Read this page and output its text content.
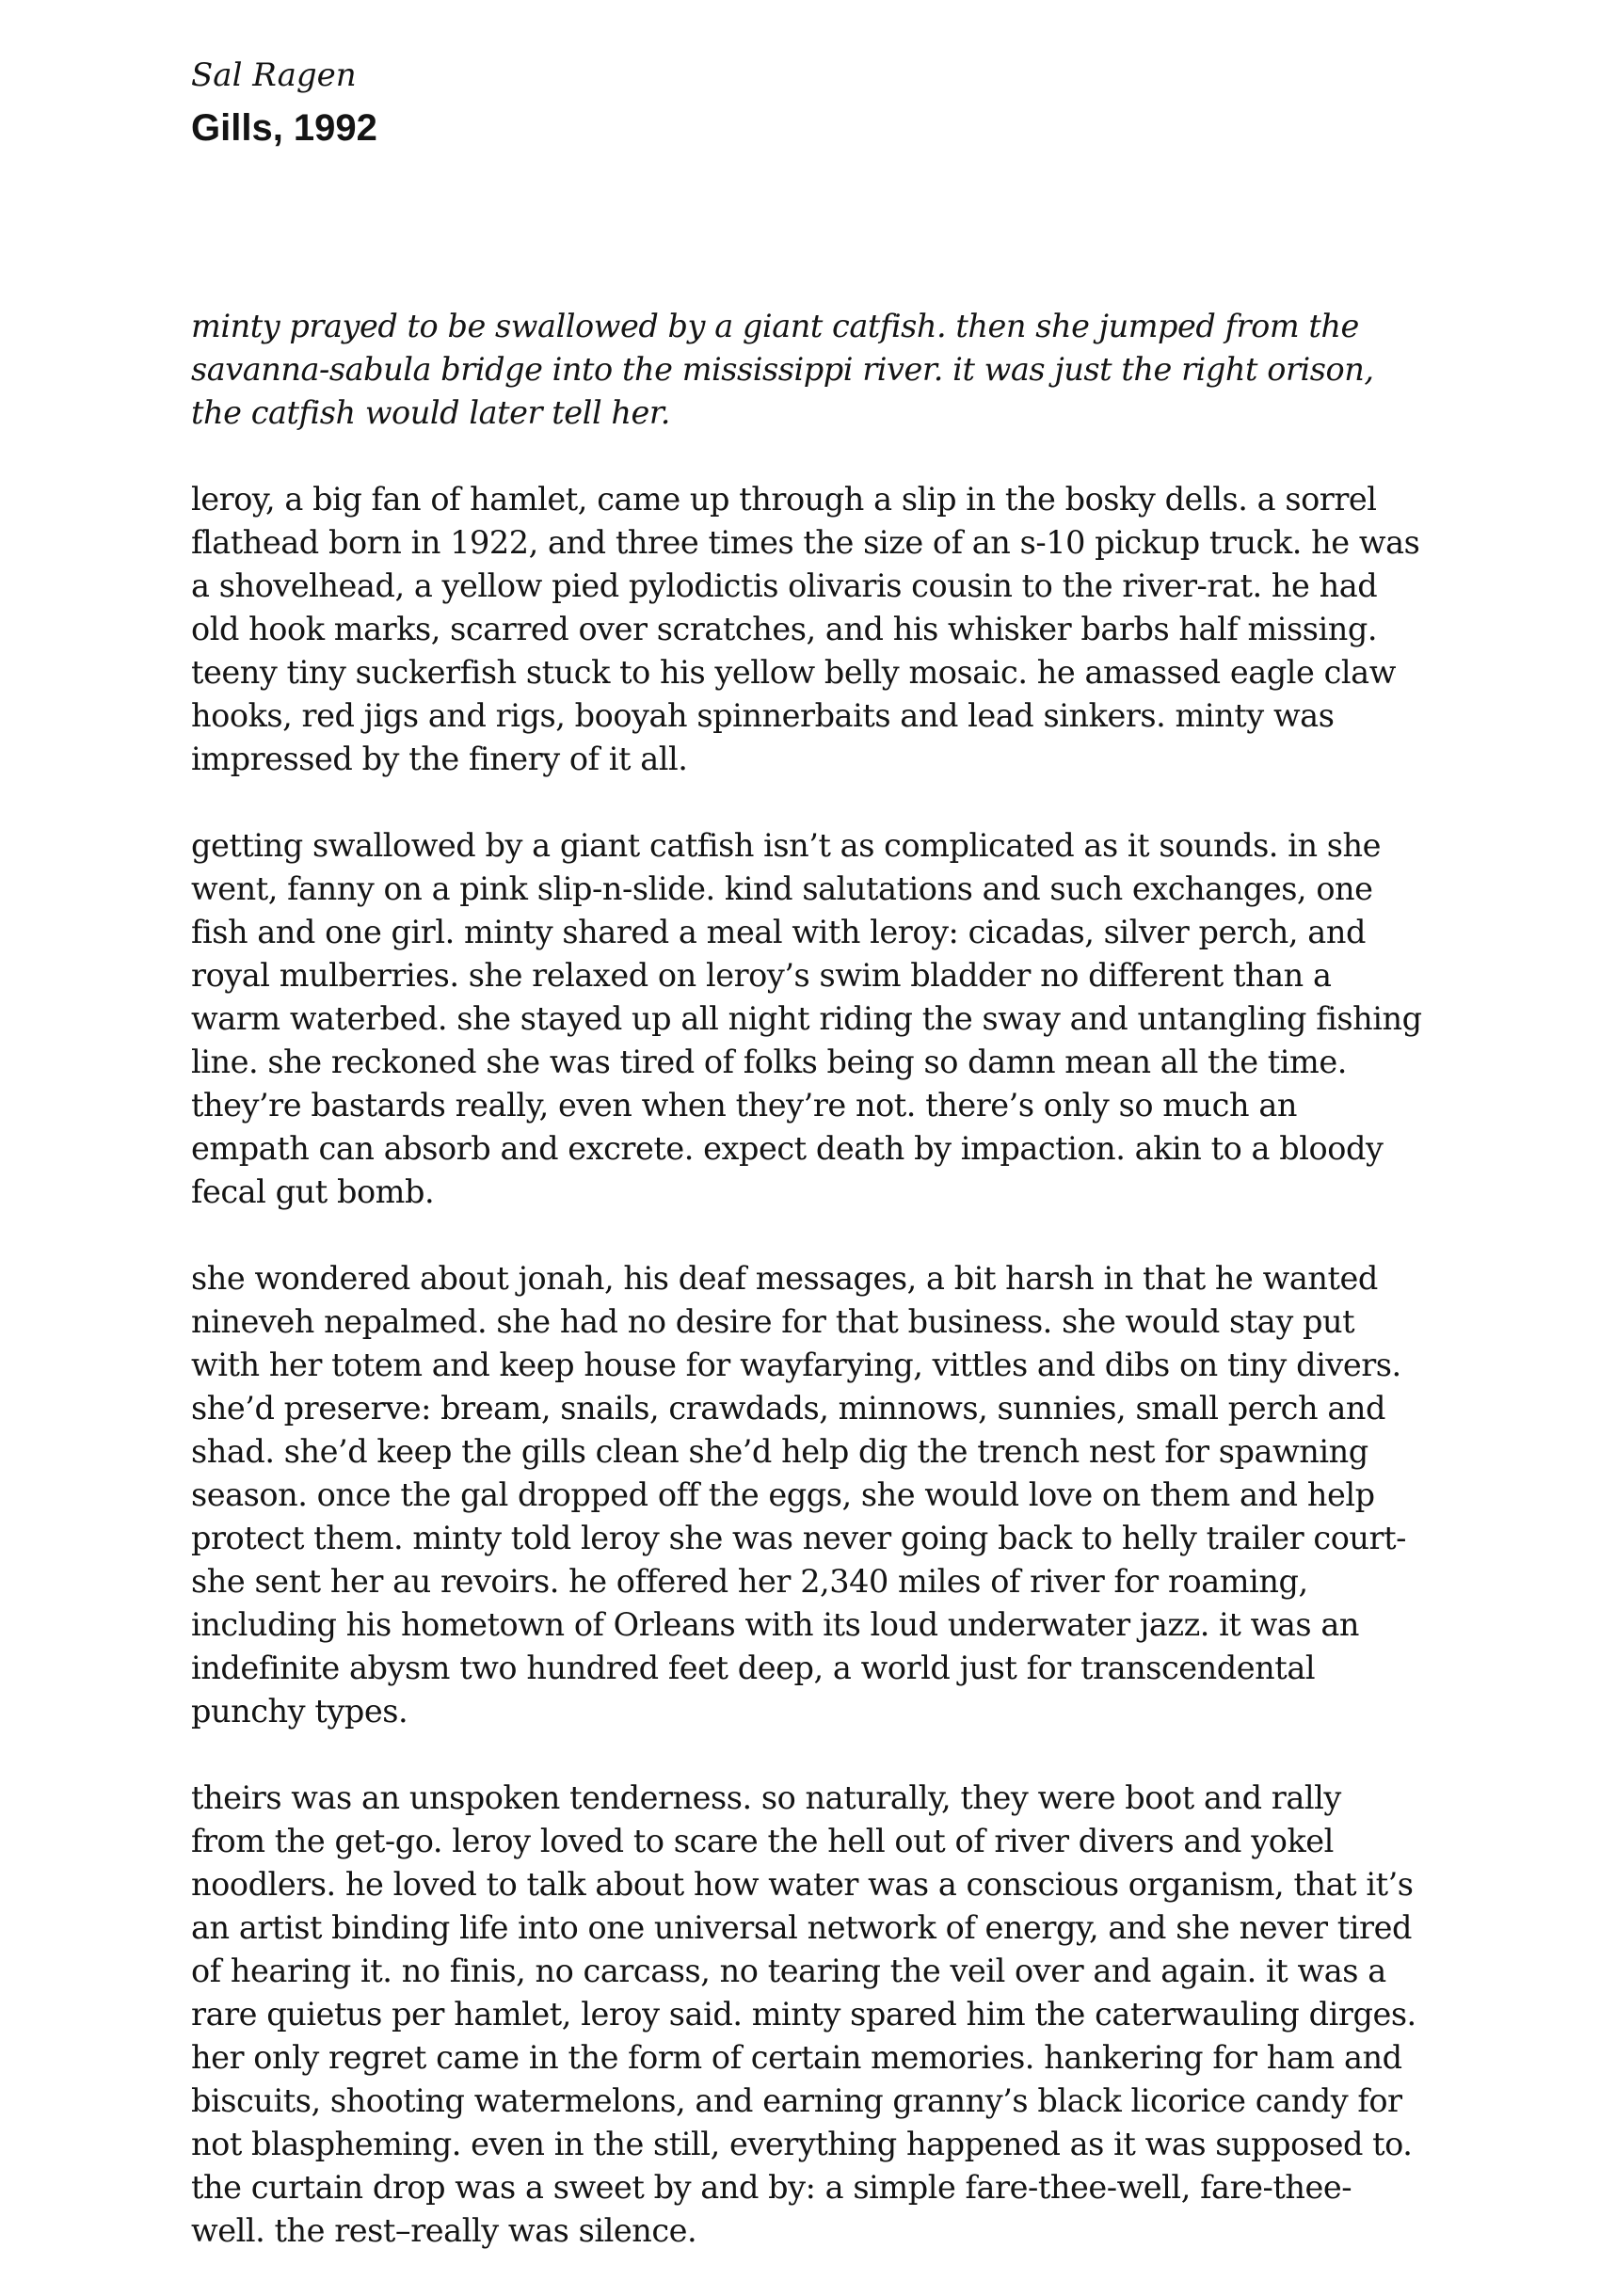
Sal Ragen

Gills, 1992

minty prayed to be swallowed by a giant catfish. then she jumped from the
savanna-sabula bridge into the mississippi river. it was just the right orison,
the catfish would later tell her.

leroy, a big fan of hamlet, came up through a slip in the bosky dells. a sorrel
flathead born in 1922, and three times the size of an s-10 pickup truck. he was
a shovelhead, a yellow pied pylodictis olivaris cousin to the river-rat. he had
old hook marks, scarred over scratches, and his whisker barbs half missing.
teeny tiny suckerfish stuck to his yellow belly mosaic. he amassed eagle claw
hooks, red jigs and rigs, booyah spinnerbaits and lead sinkers. minty was
impressed by the finery of it all.

getting swallowed by a giant catfish isn’t as complicated as it sounds. in she
went, fanny on a pink slip-n-slide. kind salutations and such exchanges, one
fish and one girl. minty shared a meal with leroy: cicadas, silver perch, and
royal mulberries. she relaxed on leroy’s swim bladder no different than a
warm waterbed. she stayed up all night riding the sway and untangling fishing
line. she reckoned she was tired of folks being so damn mean all the time.
they’re bastards really, even when they’re not. there’s only so much an
empath can absorb and excrete. expect death by impaction. akin to a bloody
fecal gut bomb.

she wondered about jonah, his deaf messages, a bit harsh in that he wanted
nineveh nepalmed. she had no desire for that business. she would stay put
with her totem and keep house for wayfarying, vittles and dibs on tiny divers.
she’d preserve: bream, snails, crawdads, minnows, sunnies, small perch and
shad. she’d keep the gills clean she’d help dig the trench nest for spawning
season. once the gal dropped off the eggs, she would love on them and help
protect them. minty told leroy she was never going back to helly trailer court-
she sent her au revoirs. he offered her 2,340 miles of river for roaming,
including his hometown of Orleans with its loud underwater jazz. it was an
indefinite abysm two hundred feet deep, a world just for transcendental
punchy types.

theirs was an unspoken tenderness. so naturally, they were boot and rally
from the get-go. leroy loved to scare the hell out of river divers and yokel
noodlers. he loved to talk about how water was a conscious organism, that it’s
an artist binding life into one universal network of energy, and she never tired
of hearing it. no finis, no carcass, no tearing the veil over and again. it was a
rare quietus per hamlet, leroy said. minty spared him the caterwauling dirges.
her only regret came in the form of certain memories. hankering for ham and
biscuits, shooting watermelons, and earning granny’s black licorice candy for
not blaspheming. even in the still, everything happened as it was supposed to.
the curtain drop was a sweet by and by: a simple fare-thee-well, fare-thee-
well. the rest–really was silence.
